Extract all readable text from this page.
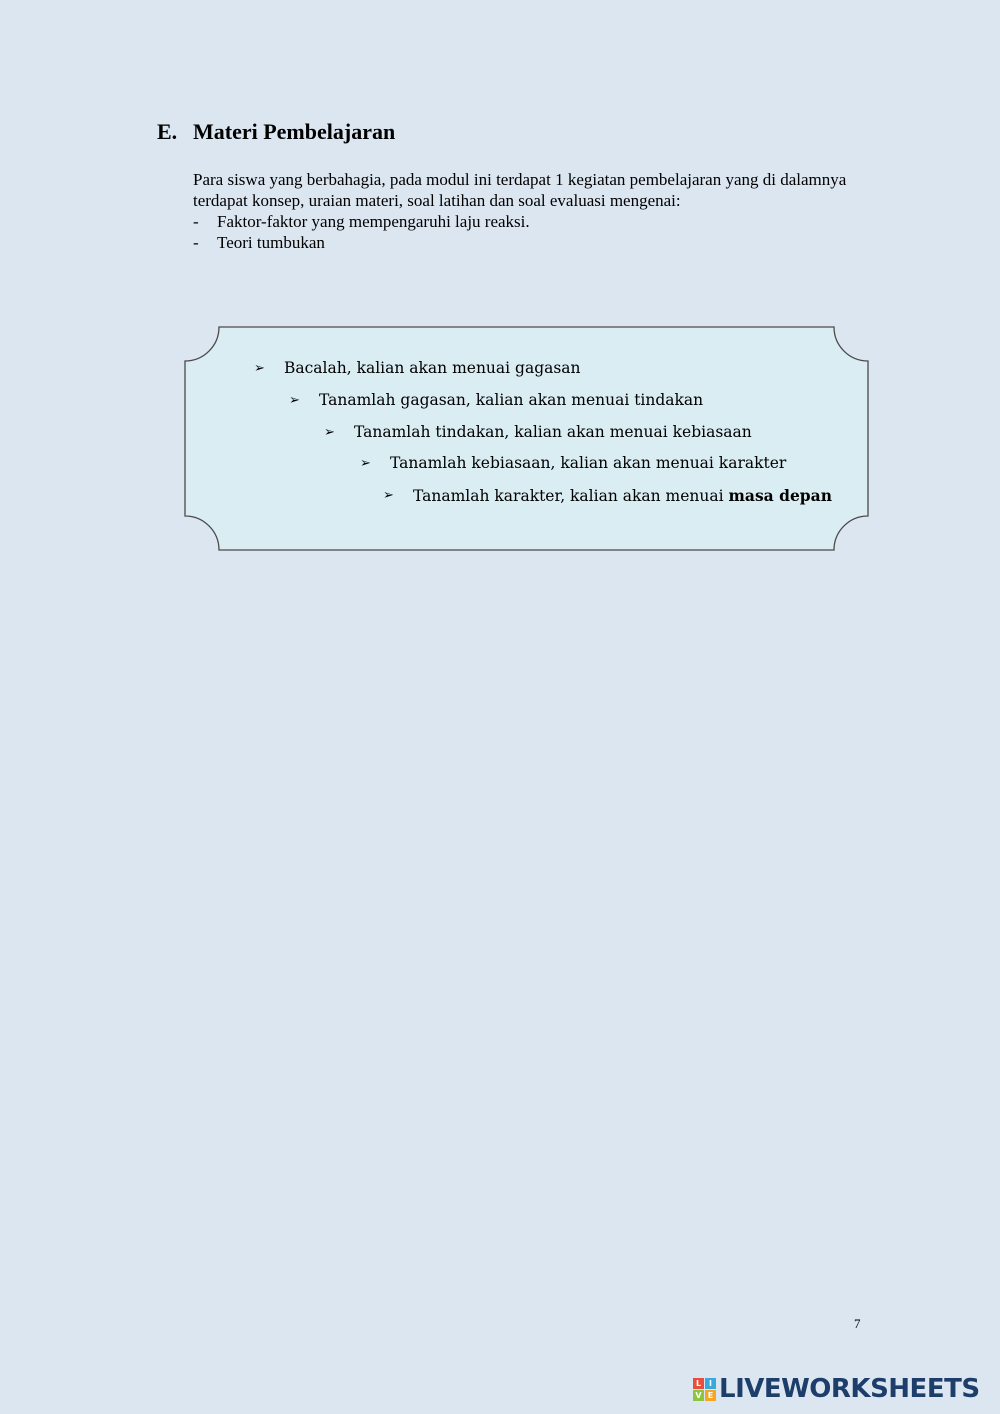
E. Materi Pembelajaran

Para siswa yang berbahagia, pada modul ini terdapat 1 kegiatan pembelajaran yang di dalamnya terdapat konsep, uraian materi, soal latihan dan soal evaluasi mengenai:

-	Faktor-faktor yang mempengaruhi laju reaksi.
-	Teori tumbukan
➢	Bacalah, kalian akan menuai gagasan
➢	Tanamlah gagasan, kalian akan menuai tindakan
➢	Tanamlah tindakan, kalian akan menuai kebiasaan
➢	Tanamlah kebiasaan, kalian akan menuai karakter
➢	Tanamlah karakter, kalian akan menuai
masa depan
7
L I
V E LIVEWORKSHEETS
